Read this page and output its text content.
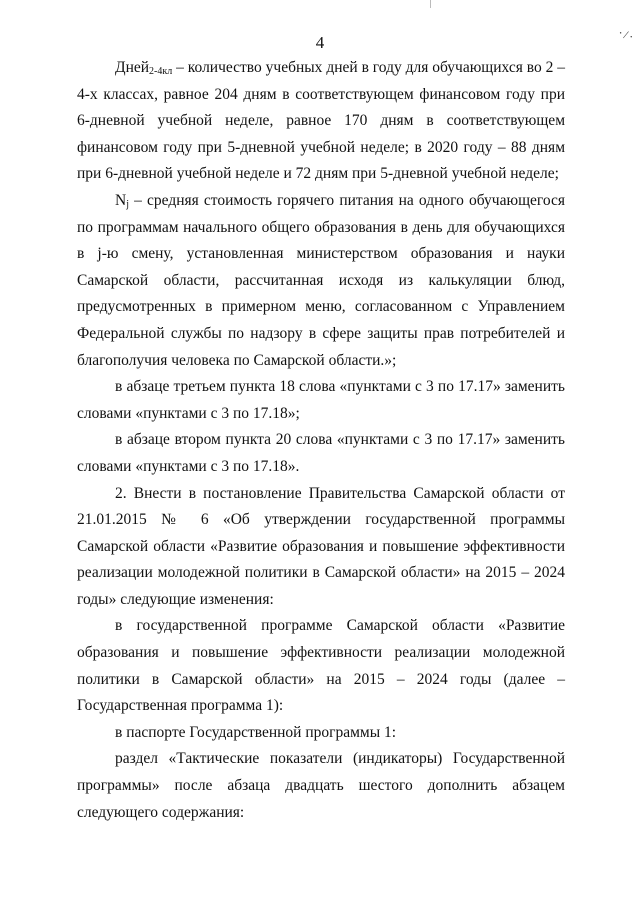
4	·/·

Дней$_{2-4кл}$ – количество учебных дней в году для обучающихся во 2 – 4-х классах, равное 204 дням в соответствующем финансовом году при 6-дневной учебной неделе, равное 170 дням в соответствующем финансовом году при 5-дневной учебной неделе; в 2020 году – 88 дням при 6-дневной учебной неделе и 72 дням при 5-дневной учебной неделе;

$N_j$ – средняя стоимость горячего питания на одного обучающегося по программам начального общего образования в день для обучающихся в j-ю смену, установленная министерством образования и науки Самарской области, рассчитанная исходя из калькуляции блюд, предусмотренных в примерном меню, согласованном с Управлением Федеральной службы по надзору в сфере защиты прав потребителей и благополучия человека по Самарской области.»;

в абзаце третьем пункта 18 слова «пунктами с 3 по 17.17» заменить словами «пунктами с 3 по 17.18»;

в абзаце втором пункта 20 слова «пунктами с 3 по 17.17» заменить словами «пунктами с 3 по 17.18».

2. Внести в постановление Правительства Самарской области от 21.01.2015 № 6 «Об утверждении государственной программы Самарской области «Развитие образования и повышение эффективности реализации молодежной политики в Самарской области» на 2015 – 2024 годы» следующие изменения:

в государственной программе Самарской области «Развитие образования и повышение эффективности реализации молодежной политики в Самарской области» на 2015 – 2024 годы (далее – Государственная программа 1):

в паспорте Государственной программы 1:

раздел «Тактические показатели (индикаторы) Государственной программы» после абзаца двадцать шестого дополнить абзацем следующего содержания:
